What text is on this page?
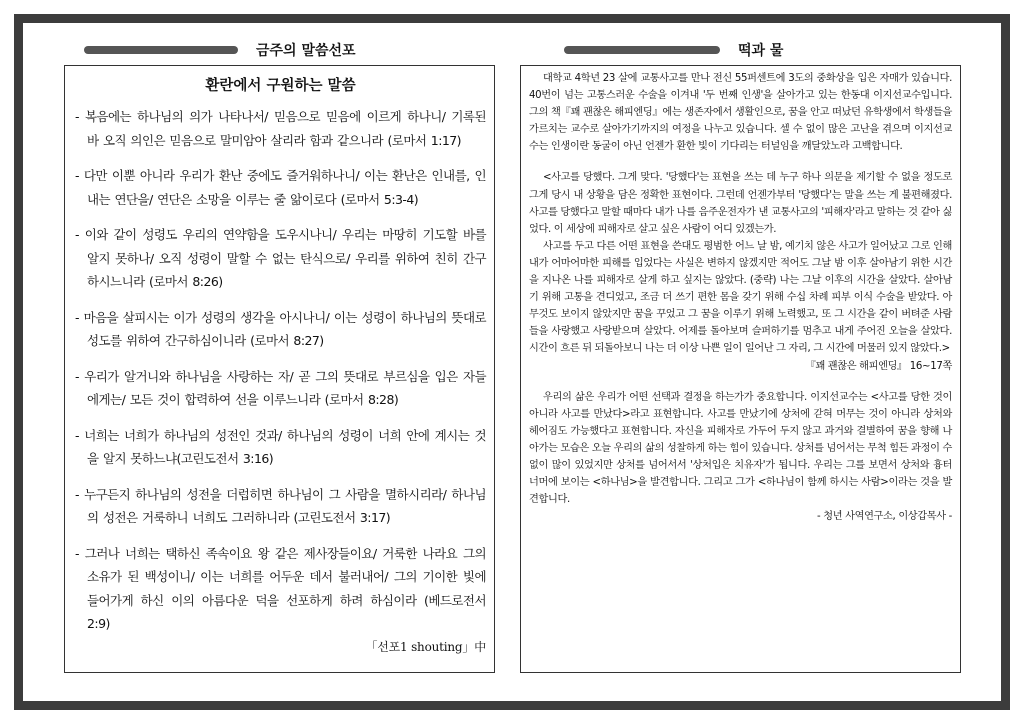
금주의 말씀선포	떡과 물
환란에서 구원하는 말씀

- 복음에는 하나님의 의가 나타나서/ 믿음으로 믿음에 이르게 하나니/ 기록된 바 오직 의인은 믿음으로 말미암아 살리라 함과 같으니라 (로마서 1:17)

- 다만 이뿐 아니라 우리가 환난 중에도 즐거워하나니/ 이는 환난은 인내를, 인내는 연단을/ 연단은 소망을 이루는 줄 앎이로다 (로마서 5:3-4)

- 이와 같이 성령도 우리의 연약함을 도우시나니/ 우리는 마땅히 기도할 바를 알지 못하나/ 오직 성령이 말할 수 없는 탄식으로/ 우리를 위하여 친히 간구하시느니라 (로마서 8:26)

- 마음을 살피시는 이가 성령의 생각을 아시나니/ 이는 성령이 하나님의 뜻대로 성도를 위하여 간구하심이니라 (로마서 8:27)

- 우리가 알거니와 하나님을 사랑하는 자/ 곧 그의 뜻대로 부르심을 입은 자들에게는/ 모든 것이 합력하여 선을 이루느니라 (로마서 8:28)

- 너희는 너희가 하나님의 성전인 것과/ 하나님의 성령이 너희 안에 계시는 것을 알지 못하느냐(고린도전서 3:16)

- 누구든지 하나님의 성전을 더럽히면 하나님이 그 사람을 멸하시리라/ 하나님의 성전은 거룩하니 너희도 그러하니라 (고린도전서 3:17)

- 그러나 너희는 택하신 족속이요 왕 같은 제사장들이요/ 거룩한 나라요 그의 소유가 된 백성이니/ 이는 너희를 어두운 데서 불러내어/ 그의 기이한 빛에 들어가게 하신 이의 아름다운 덕을 선포하게 하려 하심이라 (베드로전서 2:9)

「선포1 shouting」中

대학교 4학년 23 살에 교통사고를 만나 전신 55퍼센트에 3도의 중화상을 입은 자매가 있습니다. 40번이 넘는 고통스러운 수술을 이겨내 '두 번째 인생'을 살아가고 있는 한동대 이지선교수입니다. 그의 책『꽤 괜찮은 해피엔딩』에는 생존자에서 생활인으로, 꿈을 안고 떠났던 유학생에서 학생들을 가르치는 교수로 살아가기까지의 여정을 나누고 있습니다. 셀 수 없이 많은 고난을 겪으며 이지선교수는 인생이란 동굴이 아닌 언젠가 환한 빛이 기다리는 터널임을 깨달았노라 고백합니다.

<사고를 당했다. 그게 맞다. '당했다'는 표현을 쓰는 데 누구 하나 의문을 제기할 수 없을 정도로 그게 당시 내 상황을 담은 정확한 표현이다. 그런데 언젠가부터 '당했다'는 말을 쓰는 게 불편해졌다. 사고를 당했다고 말할 때마다 내가 나를 음주운전자가 낸 교통사고의 '피해자'라고 말하는 것 같아 싫었다. 이 세상에 피해자로 살고 싶은 사람이 어디 있겠는가.

사고를 두고 다른 어떤 표현을 쓴대도 평범한 어느 날 밤, 예기치 않은 사고가 일어났고 그로 인해 내가 어마어마한 피해를 입었다는 사실은 변하지 않겠지만 적어도 그날 밤 이후 살아남기 위한 시간을 지나온 나를 피해자로 살게 하고 싶지는 않았다. (중략) 나는 그날 이후의 시간을 살았다. 살아남기 위해 고통을 견디었고, 조금 더 쓰기 편한 몸을 갖기 위해 수십 차례 피부 이식 수술을 받았다. 아무것도 보이지 않았지만 꿈을 꾸었고 그 꿈을 이루기 위해 노력했고, 또 그 시간을 같이 버텨준 사람들을 사랑했고 사랑받으며 살았다. 어제를 돌아보며 슬퍼하기를 멈추고 내게 주어진 오늘을 살았다. 시간이 흐른 뒤 되돌아보니 나는 더 이상 나쁜 일이 일어난 그 자리, 그 시간에 머물러 있지 않았다.>

『꽤 괜찮은 해피엔딩』 16~17쪽

우리의 삶은 우리가 어떤 선택과 결정을 하는가가 중요합니다. 이지선교수는 <사고를 당한 것이 아니라 사고를 만났다>라고 표현합니다. 사고를 만났기에 상처에 갇혀 머무는 것이 아니라 상처와 헤어짐도 가능했다고 표현합니다. 자신을 피해자로 가두어 두지 않고 과거와 결별하여 꿈을 향해 나아가는 모습은 오늘 우리의 삶의 성찰하게 하는 힘이 있습니다. 상처를 넘어서는 무척 힘든 과정이 수없이 많이 있었지만 상처를 넘어서서 '상처입은 치유자'가 됩니다. 우리는 그를 보면서 상처와 흉터 너머에 보이는 <하나님>을 발견합니다. 그리고 그가 <하나님이 함께 하시는 사람>이라는 것을 발견합니다.

- 청년 사역연구소, 이상갑목사 -
